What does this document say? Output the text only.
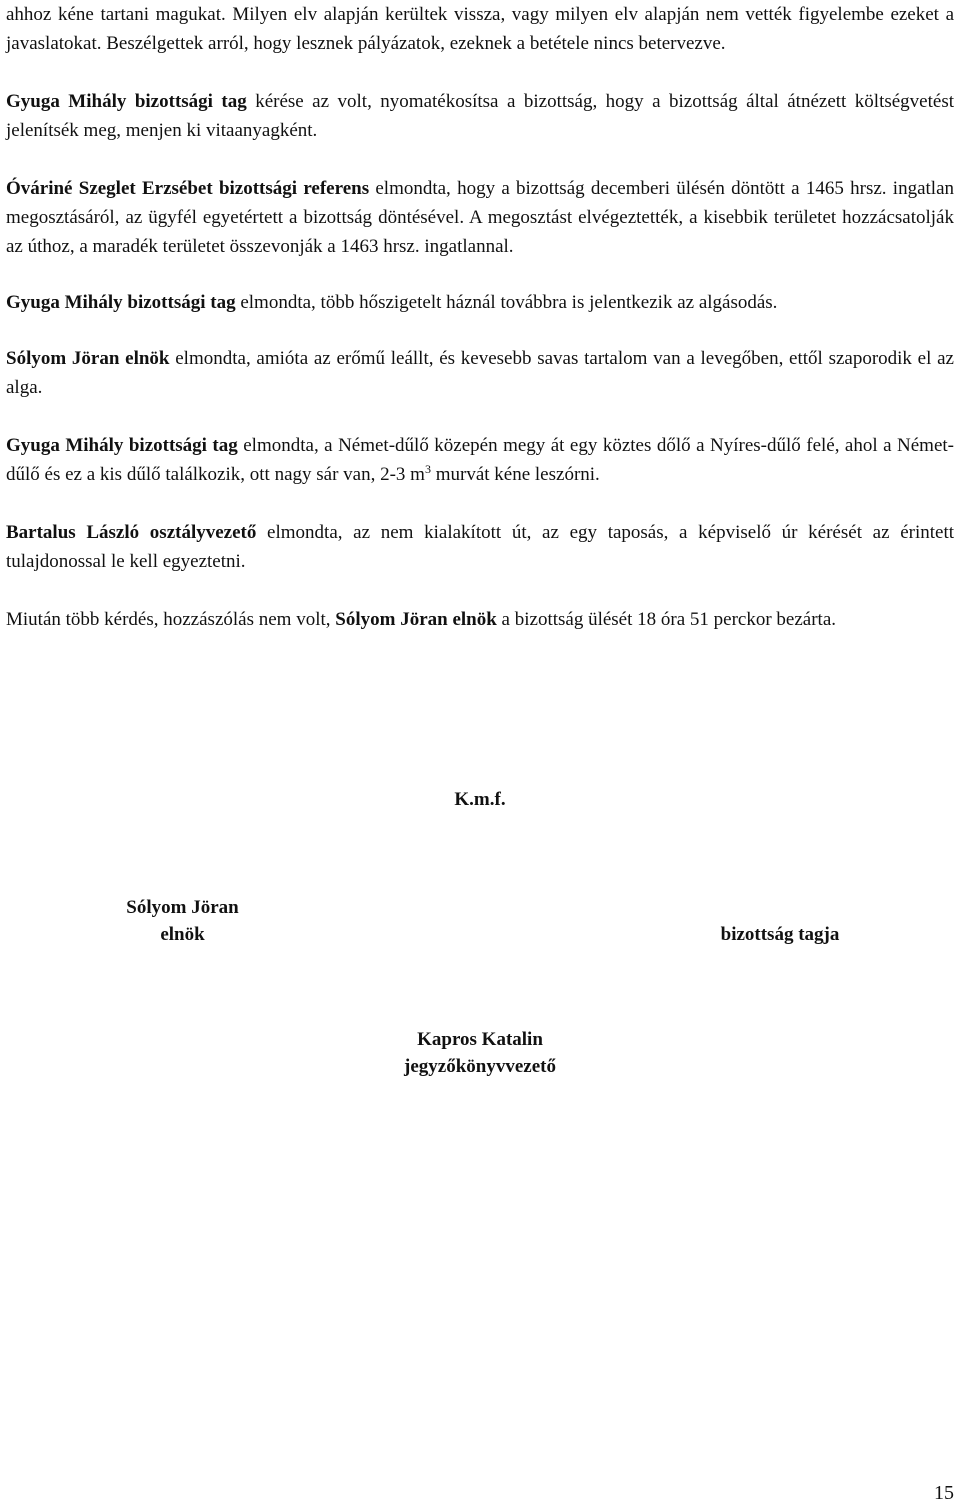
ahhoz kéne tartani magukat. Milyen elv alapján kerültek vissza, vagy milyen elv alapján nem vették figyelembe ezeket a javaslatokat. Beszélgettek arról, hogy lesznek pályázatok, ezeknek a betétele nincs betervezve.

Gyuga Mihály bizottsági tag kérése az volt, nyomatékosítsa a bizottság, hogy a bizottság által átnézett költségvetést jelenítsék meg, menjen ki vitaanyagként.

Óváriné Szeglet Erzsébet bizottsági referens elmondta, hogy a bizottság decemberi ülésén döntött a 1465 hrsz. ingatlan megosztásáról, az ügyfél egyetértett a bizottság döntésével. A megosztást elvégeztették, a kisebbik területet hozzácsatolják az úthoz, a maradék területet összevonják a 1463 hrsz. ingatlannal.

Gyuga Mihály bizottsági tag elmondta, több hőszigetelt háznál továbbra is jelentkezik az algásodás.

Sólyom Jöran elnök elmondta, amióta az erőmű leállt, és kevesebb savas tartalom van a levegőben, ettől szaporodik el az alga.

Gyuga Mihály bizottsági tag elmondta, a Német-dűlő közepén megy át egy köztes dőlő a Nyíres-dűlő felé, ahol a Német-dűlő és ez a kis dűlő találkozik, ott nagy sár van, 2-3 $m^3$ murvát kéne leszórni.

Bartalus László osztályvezető elmondta, az nem kialakított út, az egy taposás, a képviselő úr kérését az érintett tulajdonossal le kell egyeztetni.

Miután több kérdés, hozzászólás nem volt, Sólyom Jöran elnök a bizottság ülését 18 óra 51 perckor bezárta.

K.m.f.
Sólyom Jöran
elnök	bizottság tagja
Kapros Katalin
jegyzőkönyvvezető
15
